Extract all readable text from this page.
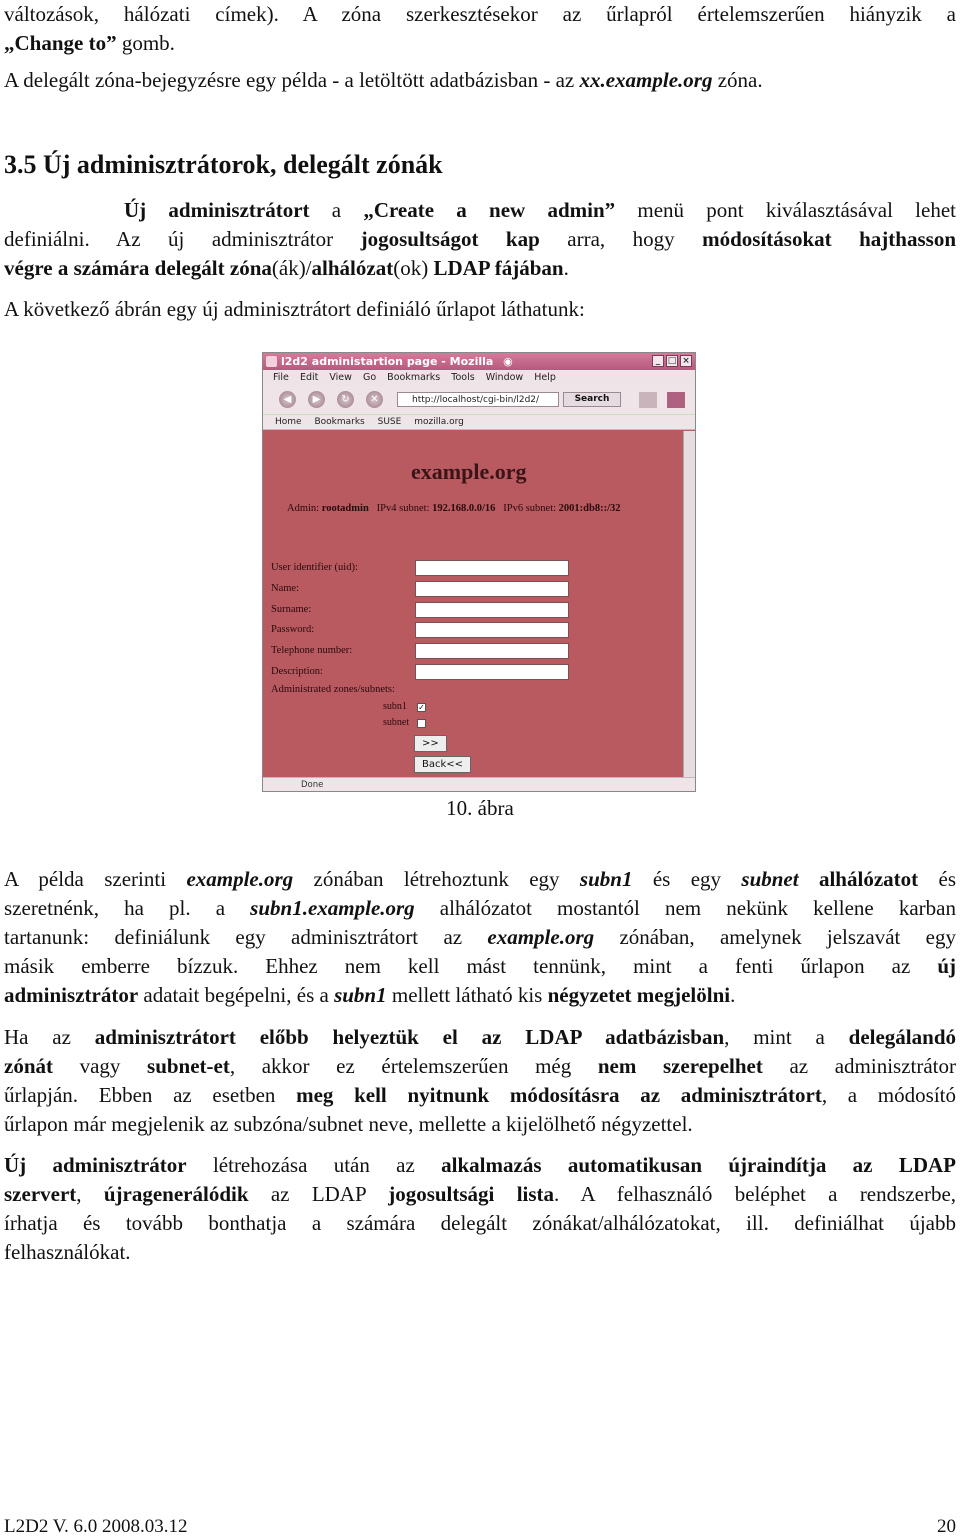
változások, hálózati címek). A zóna szerkesztésekor az űrlapról értelemszerűen hiányzik a
„Change to” gomb.

A delegált zóna-bejegyzésre egy példa - a letöltött adatbázisban - az xx.example.org zóna.

3.5 Új adminisztrátorok, delegált zónák

Új adminisztrátort a „Create a new admin” menü pont kiválasztásával lehet
definiálni. Az új adminisztrátor jogosultságot kap arra, hogy módosításokat hajthasson
végre a számára delegált zóna(ák)/alhálózat(ok) LDAP fájában.

A következő ábrán egy új adminisztrátort definiáló űrlapot láthatunk:

l2d2 administartion page - Mozilla ◉	_ □ ×
File Edit View Go Bookmarks Tools Window Help
◀	▶	↻	✕	http://localhost/cgi-bin/l2d2/	Search
Home Bookmarks SUSE mozilla.org
example.org
Admin: rootadmin IPv4 subnet: 192.168.0.0/16 IPv6 subnet: 2001:db8::/32
User identifier (uid):
Name:
Surname:
Password:
Telephone number:
Description:
Administrated zones/subnets:
subn1 ✓
subnet
>>
Back<<
Done
10. ábra

A példa szerinti example.org zónában létrehoztunk egy subn1 és egy subnet alhálózatot és
szeretnénk, ha pl. a subn1.example.org alhálózatot mostantól nem nekünk kellene karban
tartanunk: definiálunk egy adminisztrátort az example.org zónában, amelynek jelszavát egy
másik emberre bízzuk. Ehhez nem kell mást tennünk, mint a fenti űrlapon az új
adminisztrátor adatait begépelni, és a subn1 mellett látható kis négyzetet megjelölni.

Ha az adminisztrátort előbb helyeztük el az LDAP adatbázisban, mint a delegálandó
zónát vagy subnet-et, akkor ez értelemszerűen még nem szerepelhet az adminisztrátor
űrlapján. Ebben az esetben meg kell nyitnunk módosításra az adminisztrátort, a módosító
űrlapon már megjelenik az subzóna/subnet neve, mellette a kijelölhető négyzettel.

Új adminisztrátor létrehozása után az alkalmazás automatikusan újraindítja az LDAP
szervert, újragenerálódik az LDAP jogosultsági lista. A felhasználó beléphet a rendszerbe,
írhatja és tovább bonthatja a számára delegált zónákat/alhálózatokat, ill. definiálhat újabb
felhasználókat.

L2D2 V. 6.0 2008.03.12	20
